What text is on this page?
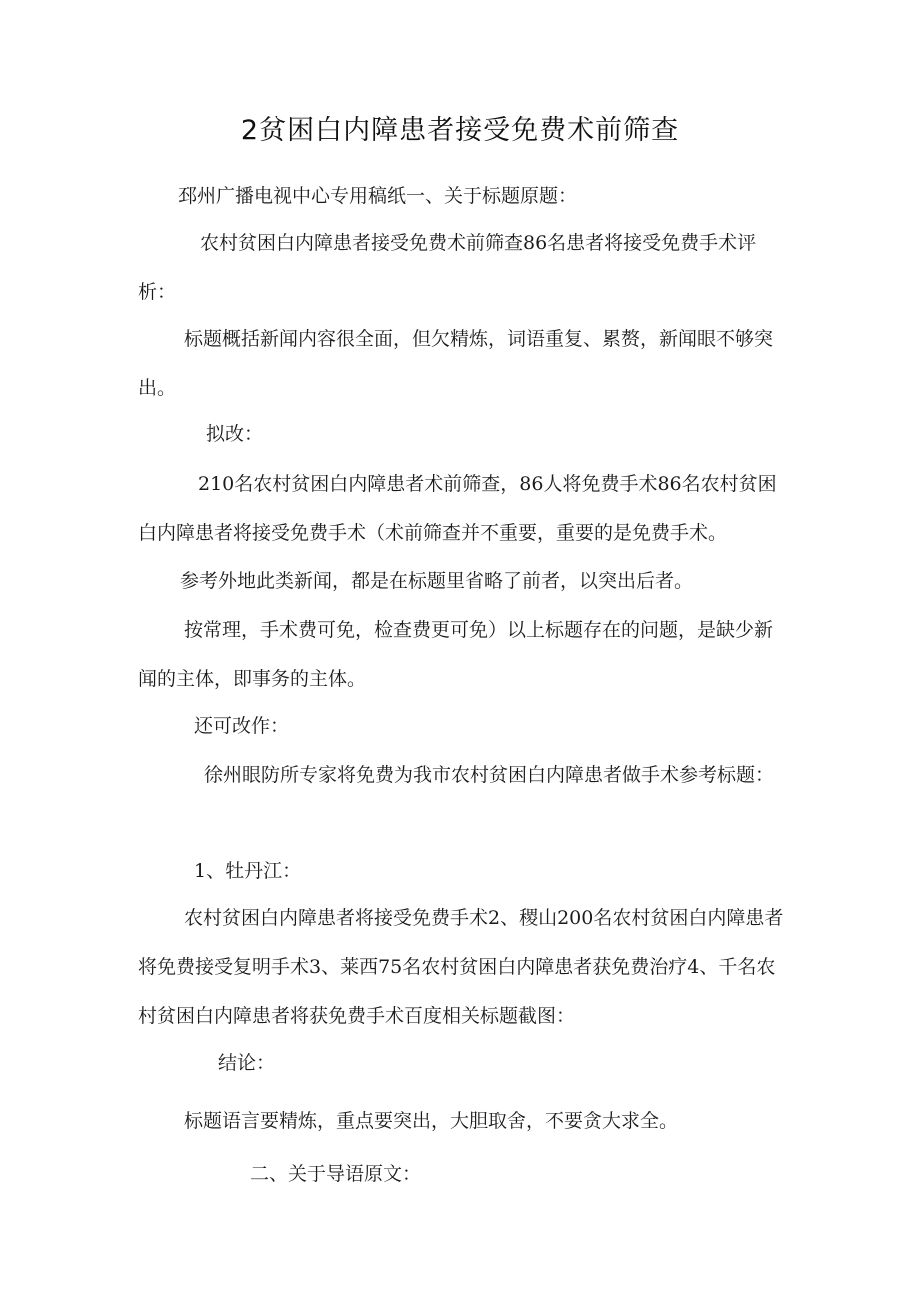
2贫困白内障患者接受免费术前筛查

邳州广播电视中心专用稿纸一、关于标题原题：

农村贫困白内障患者接受免费术前筛查86名患者将接受免费手术评析：

标题概括新闻内容很全面，但欠精炼，词语重复、累赘，新闻眼不够突出。

拟改：

210名农村贫困白内障患者术前筛查，86人将免费手术86名农村贫困白内障患者将接受免费手术（术前筛查并不重要，重要的是免费手术。

参考外地此类新闻，都是在标题里省略了前者，以突出后者。

按常理，手术费可免，检查费更可免）以上标题存在的问题，是缺少新闻的主体，即事务的主体。

还可改作：

徐州眼防所专家将免费为我市农村贫困白内障患者做手术参考标题：

1、牡丹江：

农村贫困白内障患者将接受免费手术2、稷山200名农村贫困白内障患者将免费接受复明手术3、莱西75名农村贫困白内障患者获免费治疗4、千名农村贫困白内障患者将获免费手术百度相关标题截图：

结论：

标题语言要精炼，重点要突出，大胆取舍，不要贪大求全。

二、关于导语原文：
